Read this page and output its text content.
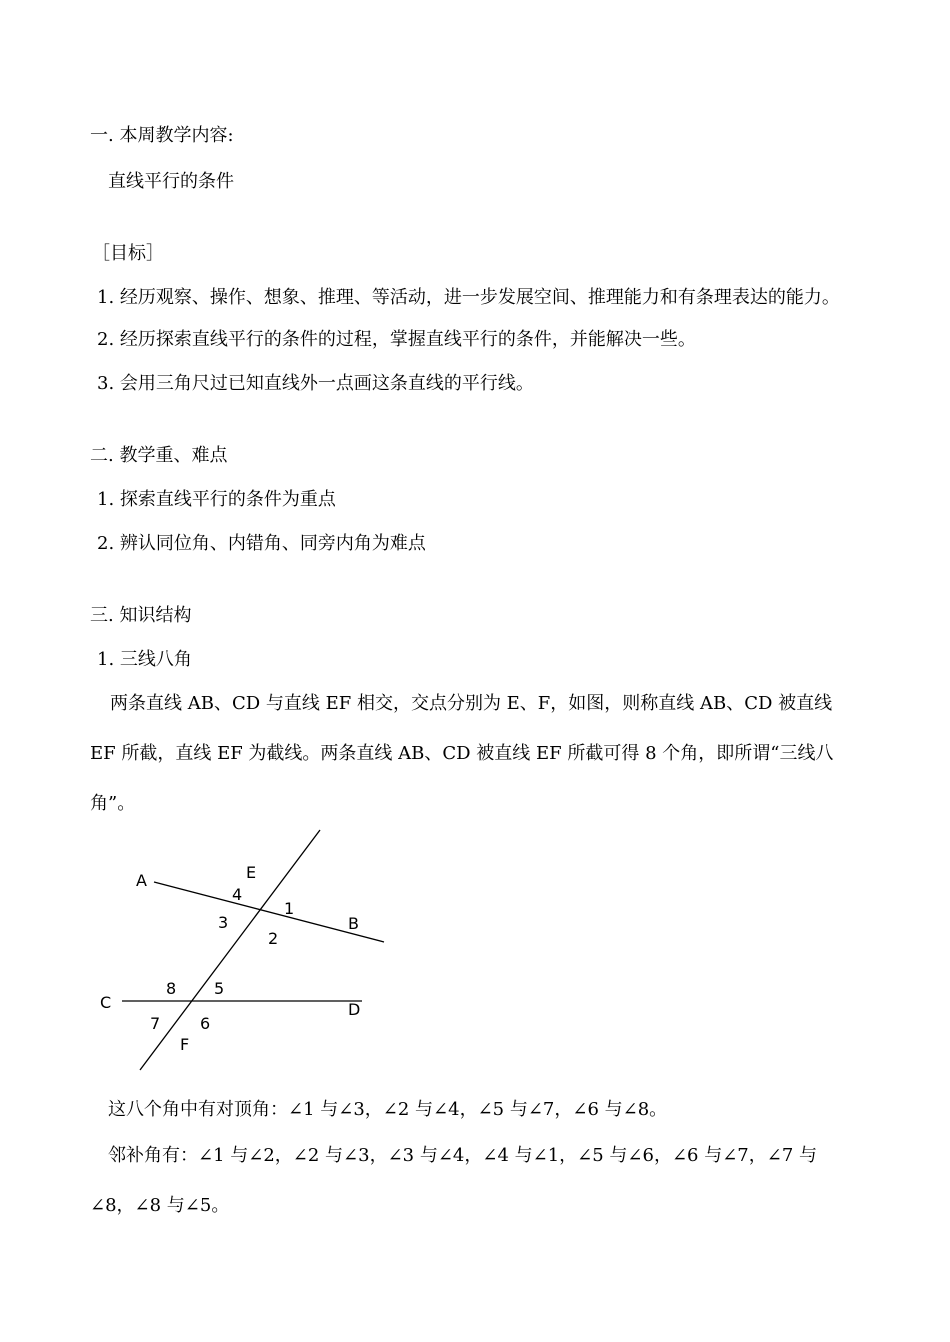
一. 本周教学内容:
直线平行的条件
［目标］
1. 经历观察、操作、想象、推理、等活动，进一步发展空间、推理能力和有条理表达的能力。
2. 经历探索直线平行的条件的过程，掌握直线平行的条件，并能解决一些。
3. 会用三角尺过已知直线外一点画这条直线的平行线。
二. 教学重、难点
1. 探索直线平行的条件为重点
2. 辨认同位角、内错角、同旁内角为难点
三. 知识结构
1. 三线八角
两条直线 AB、CD 与直线 EF 相交，交点分别为 E、F，如图，则称直线 AB、CD 被直线
EF 所截，直线 EF 为截线。两条直线 AB、CD 被直线 EF 所截可得 8 个角，即所谓“三线八
角”。
A
B
C	D
E
F
1
2
3
4
5
6
7
8
这八个角中有对顶角：∠1 与∠3，∠2 与∠4，∠5 与∠7，∠6 与∠8。
邻补角有：∠1 与∠2，∠2 与∠3，∠3 与∠4，∠4 与∠1，∠5 与∠6，∠6 与∠7，∠7 与
∠8，∠8 与∠5。
